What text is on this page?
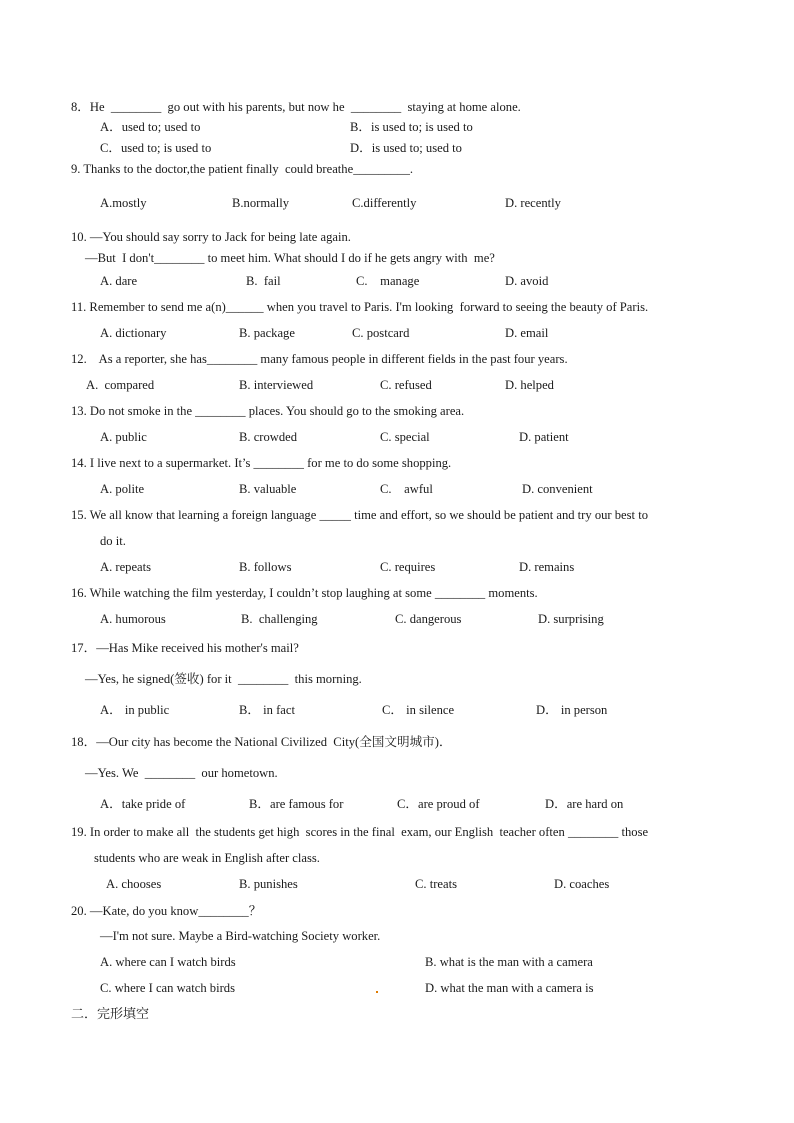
8．He  ________  go out with his parents, but now he  ________  staying at home alone.
A．used to; used to	B．is used to; is used to
C．used to; is used to	D．is used to; used to
9. Thanks to the doctor,the patient finally  could breathe_________.
A.mostly	B.normally	C.differently	D. recently
10. —You should say sorry to Jack for being late again.
—But  I don't________ to meet him. What should I do if he gets angry with  me?
A. dare	B.  fail	C.    manage	D. avoid
11. Remember to send me a(n)______ when you travel to Paris. I'm looking  forward to seeing the beauty of Paris.
A. dictionary	B. package	C. postcard	D. email
12.    As a reporter, she has________ many famous people in different fields in the past four years.
A.  compared	B. interviewed	C. refused	D. helped
13. Do not smoke in the ________ places. You should go to the smoking area.
A. public	B. crowded	C. special	D. patient
14. I live next to a supermarket. It’s ________ for me to do some shopping.
A. polite	B. valuable	C.    awful	D. convenient
15. We all know that learning a foreign language _____ time and effort, so we should be patient and try our best to
do it.
A. repeats	B. follows	C. requires	D. remains
16. While watching the film yesterday, I couldn’t stop laughing at some ________ moments.
A. humorous	B.  challenging	C. dangerous	D. surprising
17．—Has Mike received his mother's mail?
—Yes, he signed(签收) for it  ________  this morning.
A． in public	B． in fact	C． in silence	D． in person
18．—Our city has become the National Civilized  City(全国文明城市)．
—Yes. We  ________  our hometown.
A．take pride of	B．are famous for	C．are proud of	D．are hard on
19. In order to make all  the students get high  scores in the final  exam, our English  teacher often ________ those
students who are weak in English after class.
A. chooses	B. punishes	C. treats	D. coaches
20. —Kate, do you know________？
—I'm not sure. Maybe a Bird-watching Society worker.
A. where can I watch birds	B. what is the man with a camera
C. where I can watch birds	D. what the man with a camera is
二．完形填空
